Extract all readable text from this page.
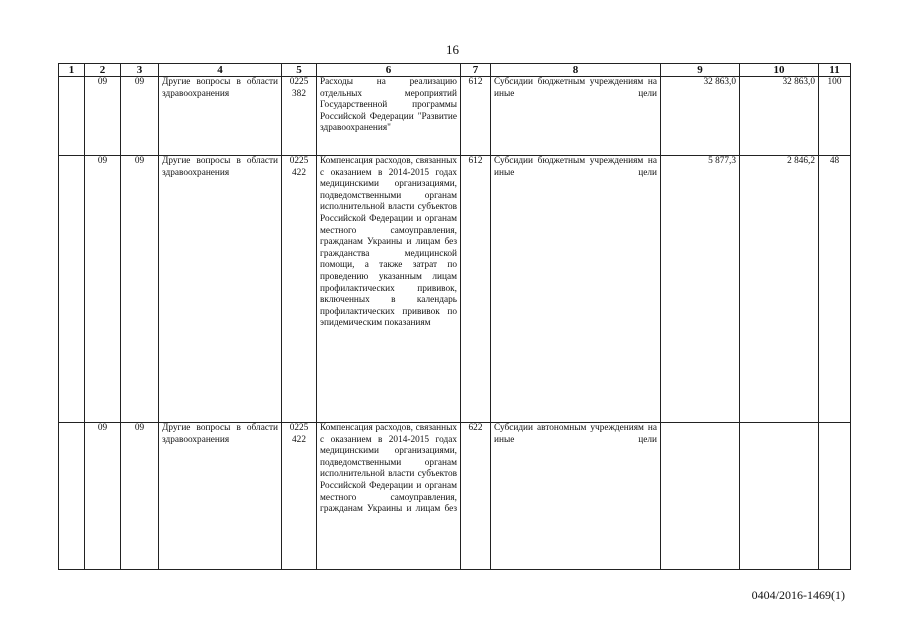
16
1	2	3	4	5	6	7	8	9	10	11
	09	09	Другие вопросы в области здравоохранения	0225 382	Расходы на реализацию отдельных мероприятий Государственной программы Российской Федерации "Развитие здравоохранения"	612	Субсидии бюджетным учреждениям на иные цели	32 863,0	32 863,0	100
	09	09	Другие вопросы в области здравоохранения	0225 422	Компенсация расходов, связанных с оказанием в 2014-2015 годах медицинскими организациями, подведомственными органам исполнительной власти субъектов Российской Федерации и органам местного самоуправления, гражданам Украины и лицам без гражданства медицинской помощи, а также затрат по проведению указанным лицам профилактических прививок, включенных в календарь профилактических прививок по эпидемическим показаниям	612	Субсидии бюджетным учреждениям на иные цели	5 877,3	2 846,2	48
	09	09	Другие вопросы в области здравоохранения	0225 422	Компенсация расходов, связанных с оказанием в 2014-2015 годах медицинскими организациями, подведомственными органам исполнительной власти субъектов Российской Федерации и органам местного самоуправления, гражданам Украины и лицам без	622	Субсидии автономным учреждениям на иные цели			
0404/2016-1469(1)
